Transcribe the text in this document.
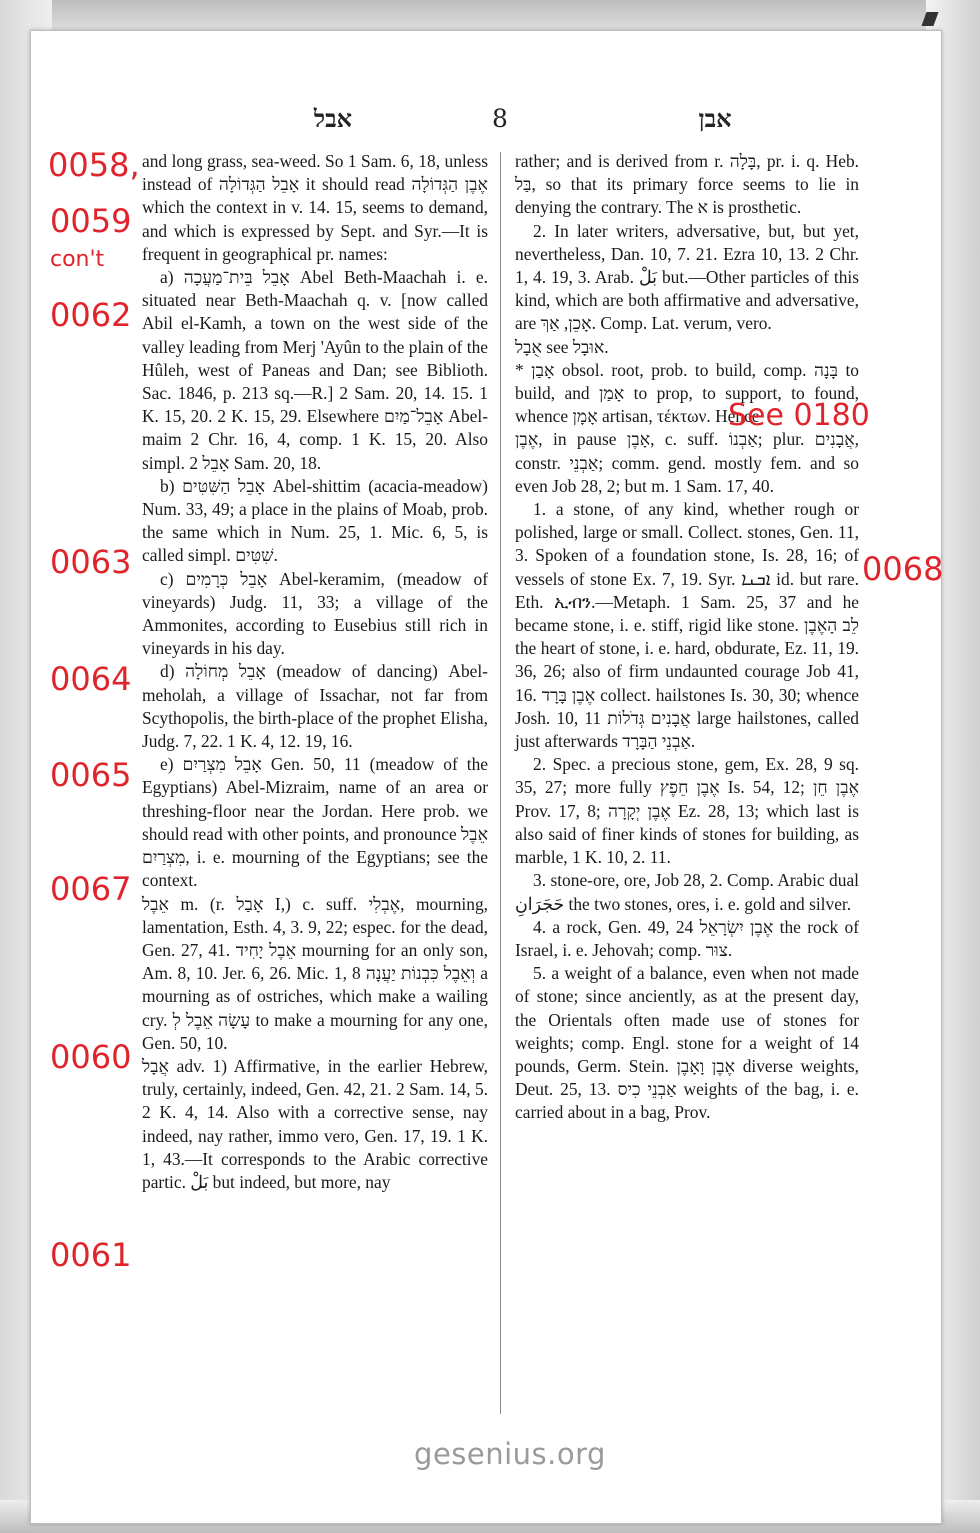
אבל	8	אבן

and long grass, sea-weed. So 1 Sam. 6, 18, unless instead of אָבֵל הַגְּדוֹלָה it should read אֶבֶן הַגְּדוֹלָה which the context in v. 14. 15, seems to demand, and which is expressed by Sept. and Syr.—It is frequent in geographical pr. names:

a) אָבֵל בֵּית־מַעֲכָה Abel Beth-Maachah i. e. situated near Beth-Maachah q. v. [now called Abil el-Kamh, a town on the west side of the valley leading from Merj 'Ayûn to the plain of the Hûleh, west of Paneas and Dan; see Biblioth. Sac. 1846, p. 213 sq.—R.] 2 Sam. 20, 14. 15. 1 K. 15, 20. 2 K. 15, 29. Elsewhere אָבֵל־מַיִם Abel-maim 2 Chr. 16, 4, comp. 1 K. 15, 20. Also simpl. אָבֵל 2 Sam. 20, 18.

b) אָבֵל הַשִּׁטִּים Abel-shittim (acacia-meadow) Num. 33, 49; a place in the plains of Moab, prob. the same which in Num. 25, 1. Mic. 6, 5, is called simpl. שִׁטִּים.

c) אָבֵל כְּרָמִים Abel-keramim, (meadow of vineyards) Judg. 11, 33; a village of the Ammonites, according to Eusebius still rich in vineyards in his day.

d) אָבֵל מְחוֹלָה (meadow of dancing) Abel-meholah, a village of Issachar, not far from Scythopolis, the birth-place of the prophet Elisha, Judg. 7, 22. 1 K. 4, 12. 19, 16.

e) אָבֵל מִצְרַיִם Gen. 50, 11 (meadow of the Egyptians) Abel-Mizraim, name of an area or threshing-floor near the Jordan. Here prob. we should read with other points, and pronounce אֵבֶל מִצְרַיִם, i. e. mourning of the Egyptians; see the context.

אֵבֶל m. (r. אָבַל I,) c. suff. אֶבְלִי, mourning, lamentation, Esth. 4, 3. 9, 22; espec. for the dead, Gen. 27, 41. אֵבֶל יָחִיד mourning for an only son, Am. 8, 10. Jer. 6, 26. Mic. 1, 8 וְאֵבֶל כִּבְנוֹת יַעֲנָה a mourning as of ostriches, which make a wailing cry. עָשָׂה אֵבֶל לְ to make a mourning for any one, Gen. 50, 10.

אֲבָל adv. 1) Affirmative, in the earlier Hebrew, truly, certainly, indeed, Gen. 42, 21. 2 Sam. 14, 5. 2 K. 4, 14. Also with a corrective sense, nay indeed, nay rather, immo vero, Gen. 17, 19. 1 K. 1, 43.—It corresponds to the Arabic corrective partic. بَلْ but indeed, but more, nay

rather; and is derived from r. בָּלָה, pr. i. q. Heb. בַּל, so that its primary force seems to lie in denying the contrary. The א is prosthetic.

2. In later writers, adversative, but, but yet, nevertheless, Dan. 10, 7. 21. Ezra 10, 13. 2 Chr. 1, 4. 19, 3. Arab. بَلْ but.—Other particles of this kind, which are both affirmative and adversative, are אָכֵן, אַךְ. Comp. Lat. verum, vero.

אֻבָל see אוּבָל.

* אָבַן obsol. root, prob. to build, comp. בָּנָה to build, and אָמַן to prop, to support, to found, whence אָמָן artisan, τέκτων. Hence

אֶבֶן, in pause אָבֶן, c. suff. אַבְנוֹ; plur. אֲבָנִים, constr. אַבְנֵי; comm. gend. mostly fem. and so even Job 28, 2; but m. 1 Sam. 17, 40.

1. a stone, of any kind, whether rough or polished, large or small. Collect. stones, Gen. 11, 3. Spoken of a foundation stone, Is. 28, 16; of vessels of stone Ex. 7, 19. Syr. ܐܒܢܐ id. but rare. Eth. ኢብን.—Metaph. 1 Sam. 25, 37 and he became stone, i. e. stiff, rigid like stone. לֵב הָאֶבֶן the heart of stone, i. e. hard, obdurate, Ez. 11, 19. 36, 26; also of firm undaunted courage Job 41, 16. אֶבֶן בָּרָד collect. hailstones Is. 30, 30; whence Josh. 10, 11 אֲבָנִים גְּדֹלוֹת large hailstones, called just afterwards אַבְנֵי הַבָּרָד.

2. Spec. a precious stone, gem, Ex. 28, 9 sq. 35, 27; more fully אֶבֶן חֵפֶץ Is. 54, 12; אֶבֶן חֵן Prov. 17, 8; אֶבֶן יְקָרָה Ez. 28, 13; which last is also said of finer kinds of stones for building, as marble, 1 K. 10, 2. 11.

3. stone-ore, ore, Job 28, 2. Comp. Arabic dual حَجَرَانِ the two stones, ores, i. e. gold and silver.

4. a rock, Gen. 49, 24 אֶבֶן יִשְׂרָאֵל the rock of Israel, i. e. Jehovah; comp. צוּר.

5. a weight of a balance, even when not made of stone; since anciently, as at the present day, the Orientals often made use of stones for weights; comp. Engl. stone for a weight of 14 pounds, Germ. Stein. אֶבֶן וָאָבֶן diverse weights, Deut. 25, 13. אַבְנֵי כִיס weights of the bag, i. e. carried about in a bag, Prov.

0058,
0059
con't
0062
0063
0064
0065
0067
0060
0061
0068
See 0180
gesenius.org
